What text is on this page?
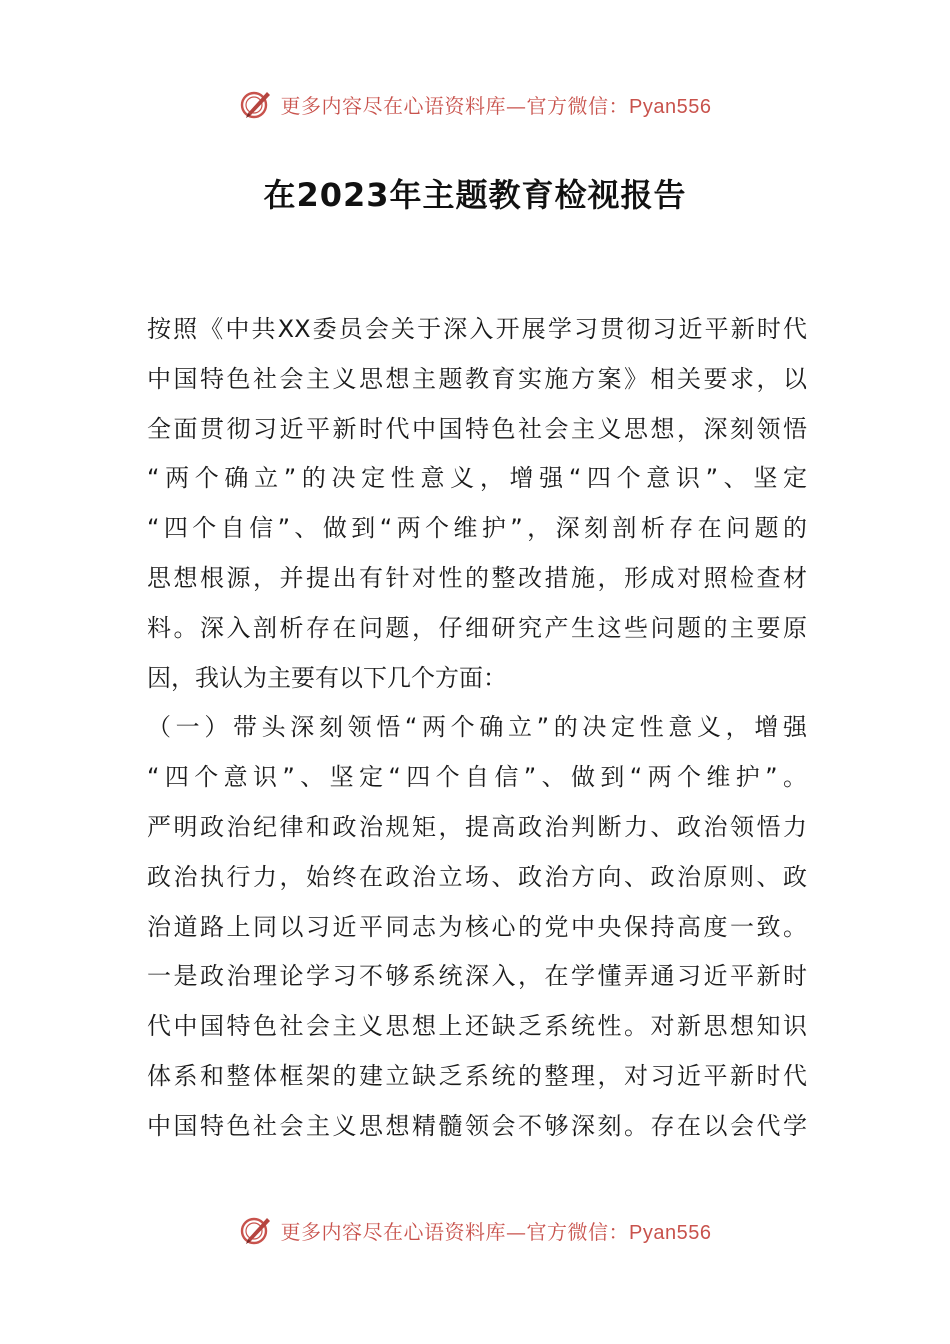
更多内容尽在心语资料库—官方微信：Pyan556
在2023年主题教育检视报告
按照《中共XX委员会关于深入开展学习贯彻习近平新时代
中国特色社会主义思想主题教育实施方案》相关要求，以
全面贯彻习近平新时代中国特色社会主义思想，深刻领悟
“两个确立”的决定性意义，增强“四个意识”、坚定
“四个自信”、做到“两个维护”，深刻剖析存在问题的
思想根源，并提出有针对性的整改措施，形成对照检查材
料。深入剖析存在问题，仔细研究产生这些问题的主要原
因，我认为主要有以下几个方面：
（一）带头深刻领悟“两个确立”的决定性意义，增强
“四个意识”、坚定“四个自信”、做到“两个维护”。
严明政治纪律和政治规矩，提高政治判断力、政治领悟力
政治执行力，始终在政治立场、政治方向、政治原则、政
治道路上同以习近平同志为核心的党中央保持高度一致。
一是政治理论学习不够系统深入，在学懂弄通习近平新时
代中国特色社会主义思想上还缺乏系统性。对新思想知识
体系和整体框架的建立缺乏系统的整理，对习近平新时代
中国特色社会主义思想精髓领会不够深刻。存在以会代学
更多内容尽在心语资料库—官方微信：Pyan556
